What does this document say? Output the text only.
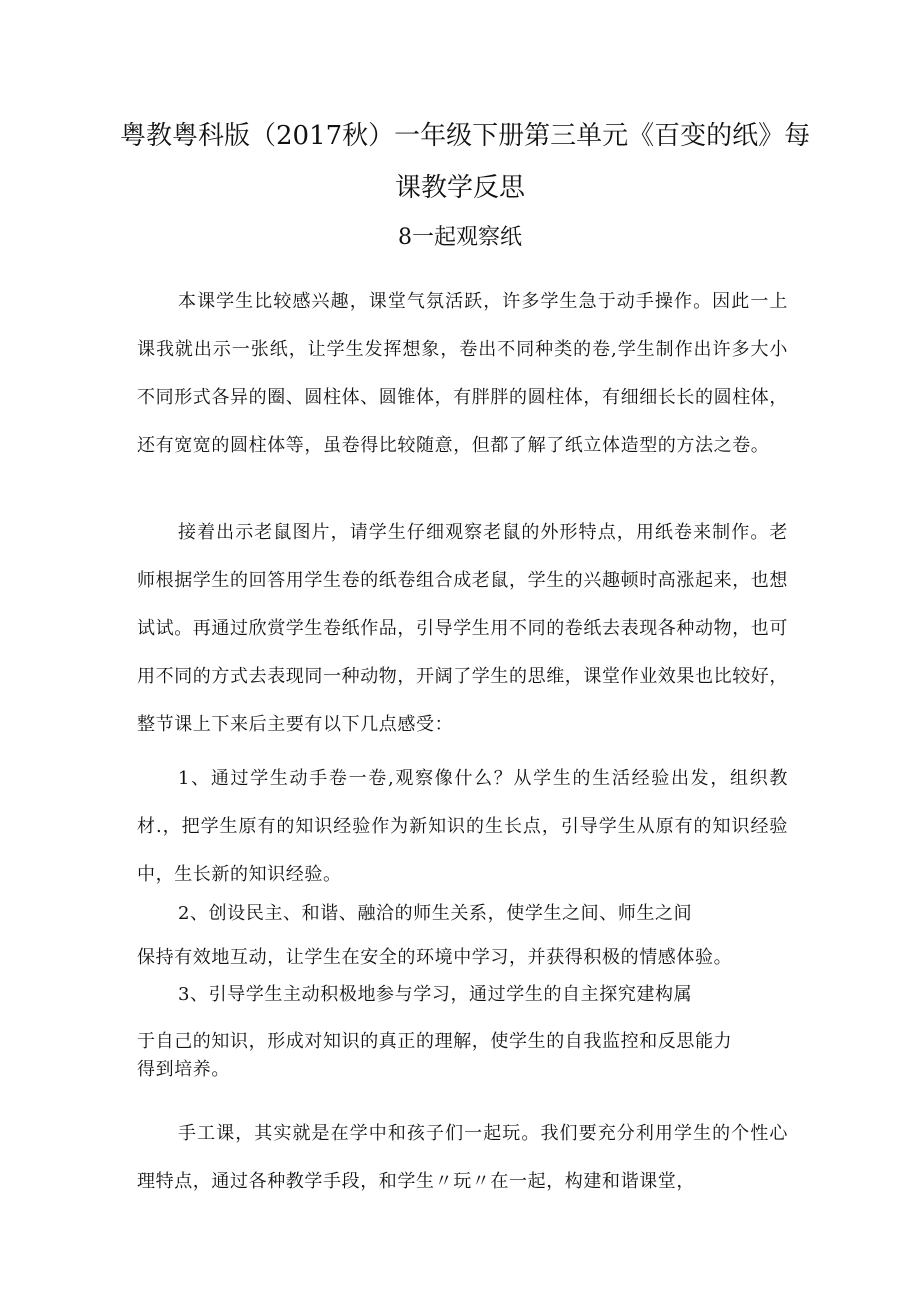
粤教粤科版（2017秋）一年级下册第三单元《百变的纸》每
课教学反思
8一起观察纸

本课学生比较感兴趣，课堂气氛活跃，许多学生急于动手操作。因此一上课我就出示一张纸，让学生发挥想象，卷出不同种类的卷,学生制作出许多大小不同形式各异的圈、圆柱体、圆锥体，有胖胖的圆柱体，有细细长长的圆柱体，还有宽宽的圆柱体等，虽卷得比较随意，但都了解了纸立体造型的方法之卷。

接着出示老鼠图片，请学生仔细观察老鼠的外形特点，用纸卷来制作。老师根据学生的回答用学生卷的纸卷组合成老鼠，学生的兴趣顿时高涨起来，也想试试。再通过欣赏学生卷纸作品，引导学生用不同的卷纸去表现各种动物，也可用不同的方式去表现同一种动物，开阔了学生的思维，课堂作业效果也比较好，整节课上下来后主要有以下几点感受：

1、通过学生动手卷一卷,观察像什么？从学生的生活经验出发，组织教材.，把学生原有的知识经验作为新知识的生长点，引导学生从原有的知识经验中，生长新的知识经验。

2、创设民主、和谐、融洽的师生关系，使学生之间、师生之间

保持有效地互动，让学生在安全的环境中学习，并获得积极的情感体验。

3、引导学生主动积极地参与学习，通过学生的自主探究建构属

于自己的知识，形成对知识的真正的理解，使学生的自我监控和反思能力

得到培养。

手工课，其实就是在学中和孩子们一起玩。我们要充分利用学生的个性心理特点，通过各种教学手段，和学生〃玩〃在一起，构建和谐课堂，
